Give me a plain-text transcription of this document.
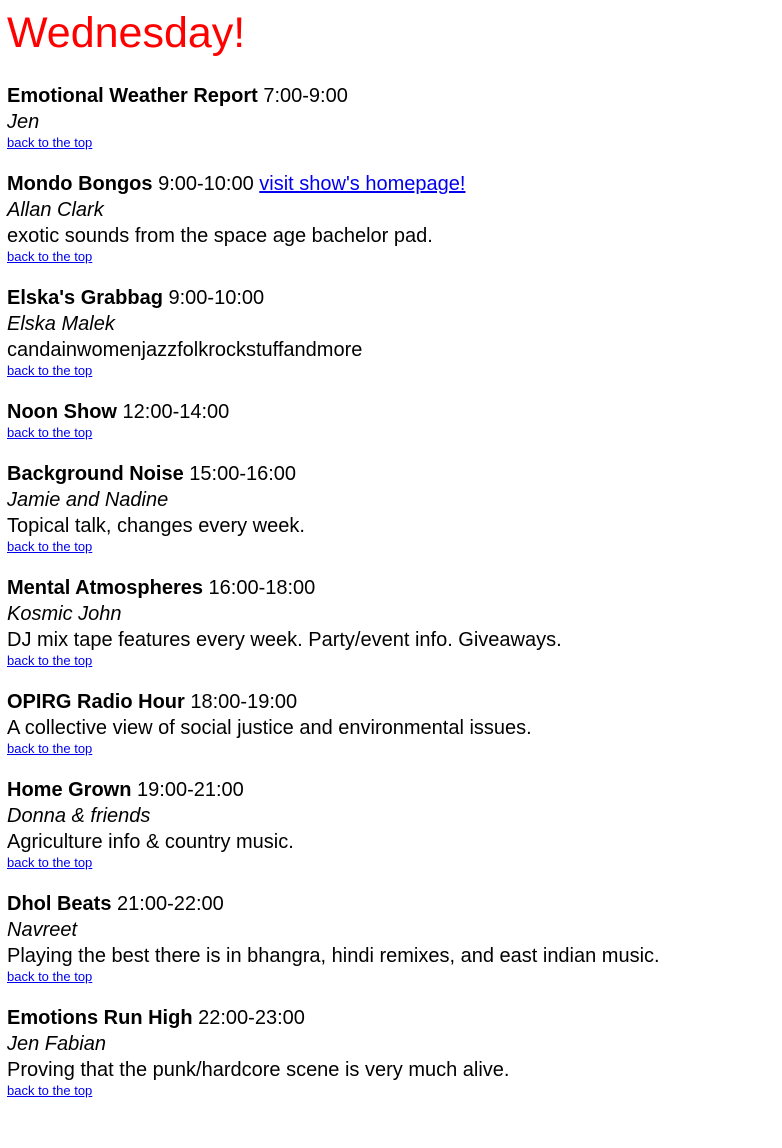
Wednesday!
Emotional Weather Report 7:00-9:00
Jen
back to the top
Mondo Bongos 9:00-10:00 visit show's homepage!
Allan Clark
exotic sounds from the space age bachelor pad.
back to the top
Elska's Grabbag 9:00-10:00
Elska Malek
candainwomenjazzfolkrockstuffandmore
back to the top
Noon Show 12:00-14:00
back to the top
Background Noise 15:00-16:00
Jamie and Nadine
Topical talk, changes every week.
back to the top
Mental Atmospheres 16:00-18:00
Kosmic John
DJ mix tape features every week. Party/event info. Giveaways.
back to the top
OPIRG Radio Hour 18:00-19:00
A collective view of social justice and environmental issues.
back to the top
Home Grown 19:00-21:00
Donna & friends
Agriculture info & country music.
back to the top
Dhol Beats 21:00-22:00
Navreet
Playing the best there is in bhangra, hindi remixes, and east indian music.
back to the top
Emotions Run High 22:00-23:00
Jen Fabian
Proving that the punk/hardcore scene is very much alive.
back to the top
